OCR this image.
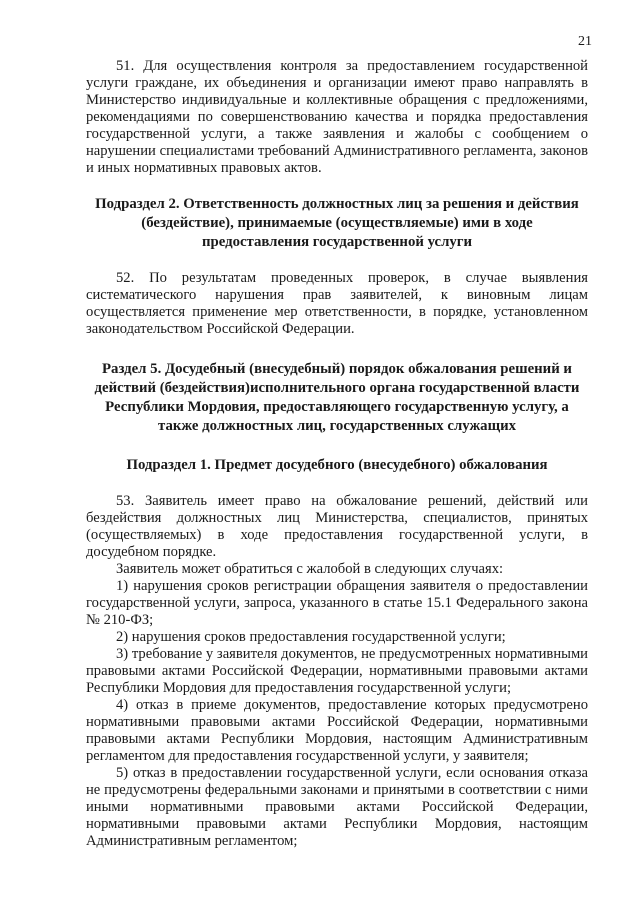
21

51. Для осуществления контроля за предоставлением государственной услуги граждане, их объединения и организации имеют право направлять в Министерство индивидуальные и коллективные обращения с предложениями, рекомендациями по совершенствованию качества и порядка предоставления государственной услуги, а также заявления и жалобы с сообщением о нарушении специалистами требований Административного регламента, законов и иных нормативных правовых актов.

Подраздел 2. Ответственность должностных лиц за решения и действия (бездействие), принимаемые (осуществляемые) ими в ходе предоставления государственной услуги

52. По результатам проведенных проверок, в случае выявления систематического нарушения прав заявителей, к виновным лицам осуществляется применение мер ответственности, в порядке, установленном законодательством Российской Федерации.

Раздел 5. Досудебный (внесудебный) порядок обжалования решений и действий (бездействия)исполнительного органа государственной власти Республики Мордовия, предоставляющего государственную услугу, а также должностных лиц, государственных служащих
Подраздел 1. Предмет досудебного (внесудебного) обжалования

53. Заявитель имеет право на обжалование решений, действий или бездействия должностных лиц Министерства, специалистов, принятых (осуществляемых) в ходе предоставления государственной услуги, в досудебном порядке.

Заявитель может обратиться с жалобой в следующих случаях:

1) нарушения сроков регистрации обращения заявителя о предоставлении государственной услуги, запроса, указанного в статье 15.1 Федерального закона № 210-ФЗ;

2) нарушения сроков предоставления государственной услуги;

3) требование у заявителя документов, не предусмотренных нормативными правовыми актами Российской Федерации, нормативными правовыми актами Республики Мордовия для предоставления государственной услуги;

4) отказ в приеме документов, предоставление которых предусмотрено нормативными правовыми актами Российской Федерации, нормативными правовыми актами Республики Мордовия, настоящим Административным регламентом для предоставления государственной услуги, у заявителя;

5) отказ в предоставлении государственной услуги, если основания отказа не предусмотрены федеральными законами и принятыми в соответствии с ними иными нормативными правовыми актами Российской Федерации, нормативными правовыми актами Республики Мордовия, настоящим Административным регламентом;
